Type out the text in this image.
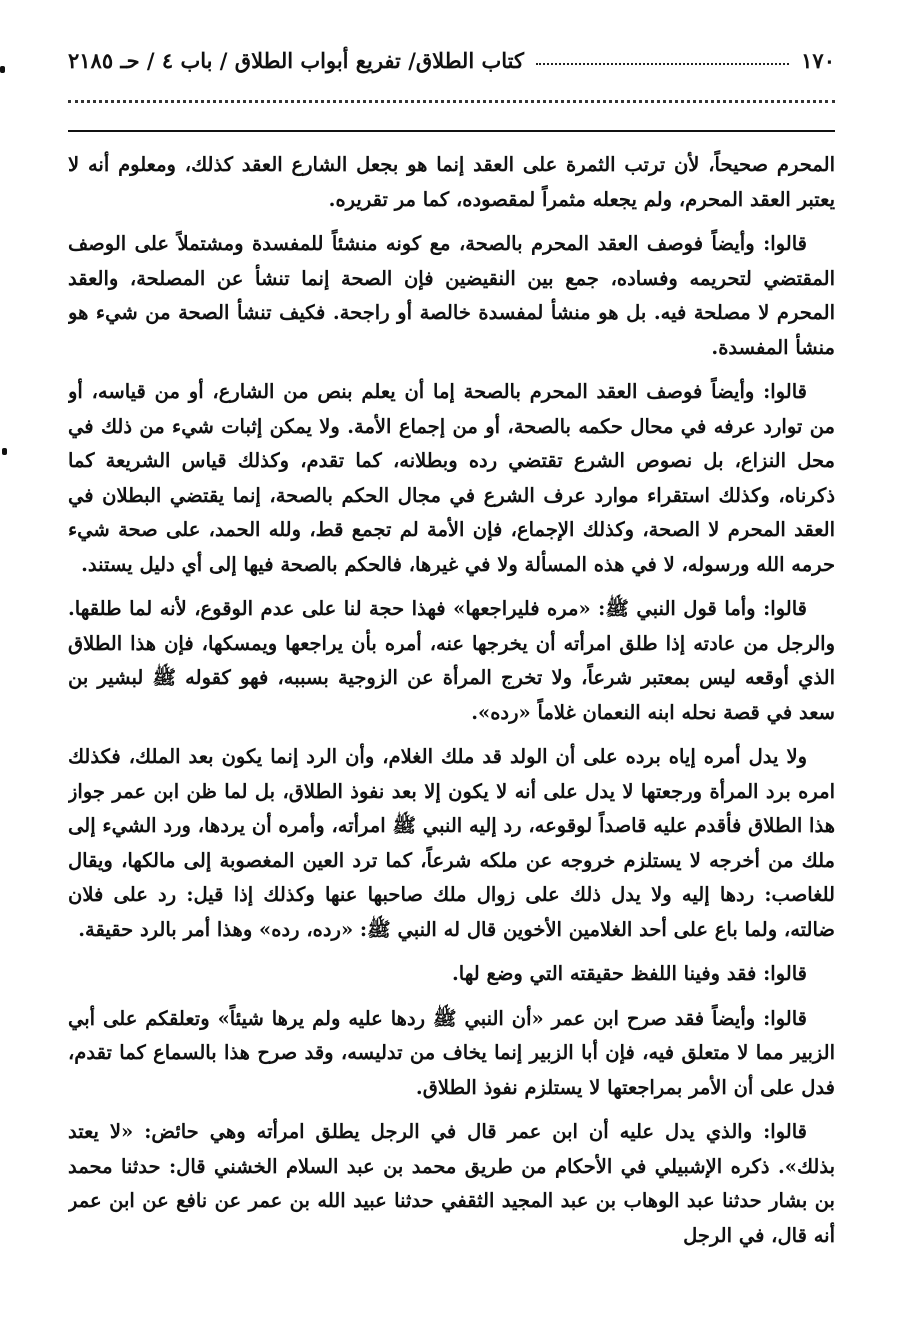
١٧٠
كتاب الطلاق/ تفريع أبواب الطلاق / باب ٤ / حـ ٢١٨٥

المحرم صحيحاً، لأن ترتب الثمرة على العقد إنما هو بجعل الشارع العقد كذلك، ومعلوم أنه لا يعتبر العقد المحرم، ولم يجعله مثمراً لمقصوده، كما مر تقريره.

قالوا: وأيضاً فوصف العقد المحرم بالصحة، مع كونه منشئاً للمفسدة ومشتملاً على الوصف المقتضي لتحريمه وفساده، جمع بين النقيضين فإن الصحة إنما تنشأ عن المصلحة، والعقد المحرم لا مصلحة فيه. بل هو منشأ لمفسدة خالصة أو راجحة. فكيف تنشأ الصحة من شيء هو منشأ المفسدة.

قالوا: وأيضاً فوصف العقد المحرم بالصحة إما أن يعلم بنص من الشارع، أو من قياسه، أو من توارد عرفه في محال حكمه بالصحة، أو من إجماع الأمة. ولا يمكن إثبات شيء من ذلك في محل النزاع، بل نصوص الشرع تقتضي رده وبطلانه، كما تقدم، وكذلك قياس الشريعة كما ذكرناه، وكذلك استقراء موارد عرف الشرع في مجال الحكم بالصحة، إنما يقتضي البطلان في العقد المحرم لا الصحة، وكذلك الإجماع، فإن الأمة لم تجمع قط، ولله الحمد، على صحة شيء حرمه الله ورسوله، لا في هذه المسألة ولا في غيرها، فالحكم بالصحة فيها إلى أي دليل يستند.

قالوا: وأما قول النبي ﷺ: «مره فليراجعها» فهذا حجة لنا على عدم الوقوع، لأنه لما طلقها. والرجل من عادته إذا طلق امرأته أن يخرجها عنه، أمره بأن يراجعها ويمسكها، فإن هذا الطلاق الذي أوقعه ليس بمعتبر شرعاً، ولا تخرج المرأة عن الزوجية بسببه، فهو كقوله ﷺ لبشير بن سعد في قصة نحله ابنه النعمان غلاماً «رده».

ولا يدل أمره إياه برده على أن الولد قد ملك الغلام، وأن الرد إنما يكون بعد الملك، فكذلك امره برد المرأة ورجعتها لا يدل على أنه لا يكون إلا بعد نفوذ الطلاق، بل لما ظن ابن عمر جواز هذا الطلاق فأقدم عليه قاصداً لوقوعه، رد إليه النبي ﷺ امرأته، وأمره أن يردها، ورد الشيء إلى ملك من أخرجه لا يستلزم خروجه عن ملكه شرعاً، كما ترد العين المغصوبة إلى مالكها، ويقال للغاصب: ردها إليه ولا يدل ذلك على زوال ملك صاحبها عنها وكذلك إذا قيل: رد على فلان ضالته، ولما باع على أحد الغلامين الأخوين قال له النبي ﷺ: «رده، رده» وهذا أمر بالرد حقيقة.

قالوا: فقد وفينا اللفظ حقيقته التي وضع لها.

قالوا: وأيضاً فقد صرح ابن عمر «أن النبي ﷺ ردها عليه ولم يرها شيئاً» وتعلقكم على أبي الزبير مما لا متعلق فيه، فإن أبا الزبير إنما يخاف من تدليسه، وقد صرح هذا بالسماع كما تقدم، فدل على أن الأمر بمراجعتها لا يستلزم نفوذ الطلاق.

قالوا: والذي يدل عليه أن ابن عمر قال في الرجل يطلق امرأته وهي حائض: «لا يعتد بذلك». ذكره الإشبيلي في الأحكام من طريق محمد بن عبد السلام الخشني قال: حدثنا محمد بن بشار حدثنا عبد الوهاب بن عبد المجيد الثقفي حدثنا عبيد الله بن عمر عن نافع عن ابن عمر أنه قال، في الرجل
